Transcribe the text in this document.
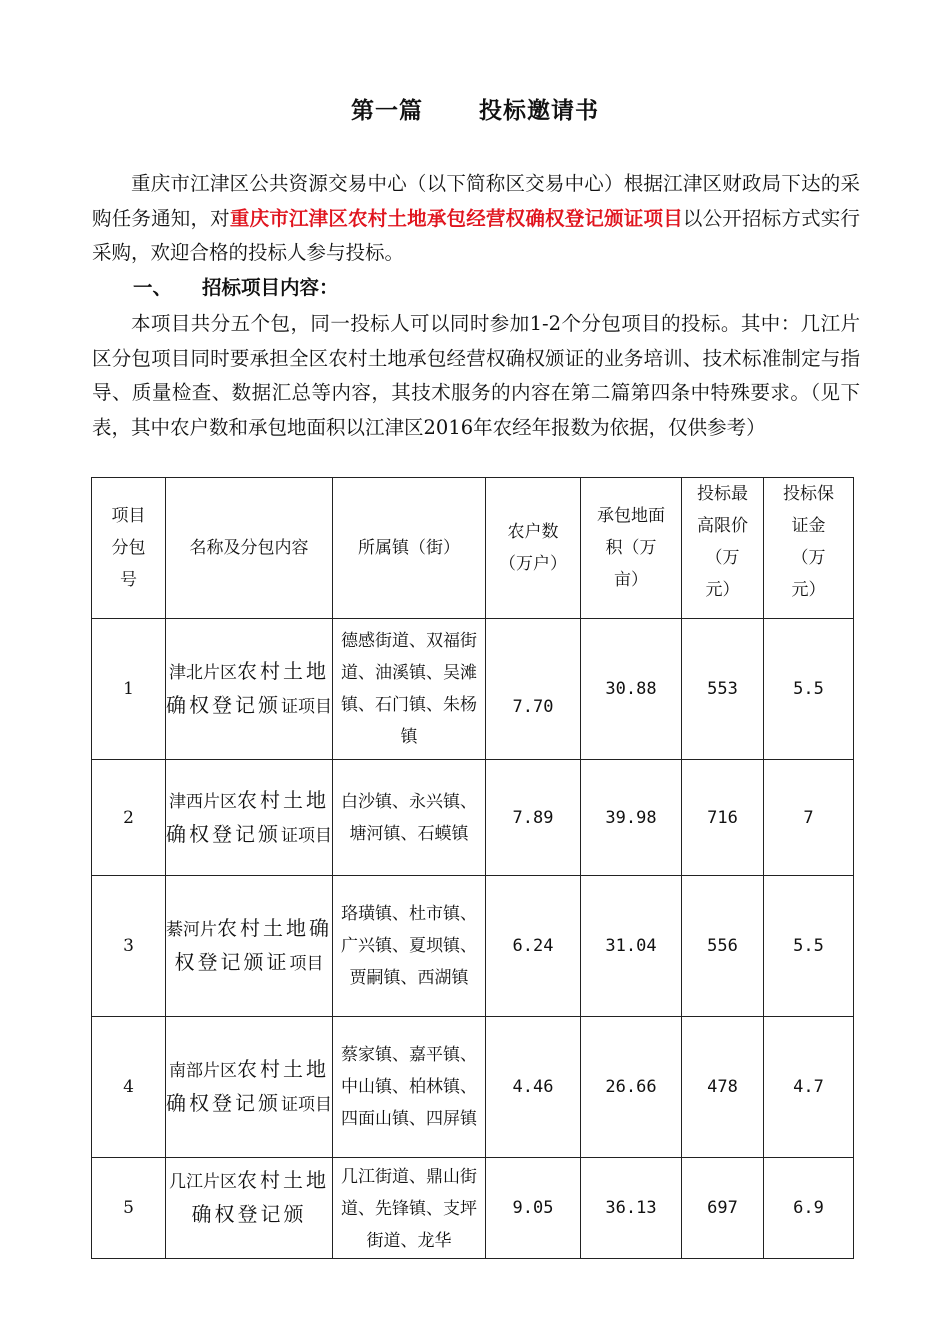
第一篇 投标邀请书

重庆市江津区公共资源交易中心（以下简称区交易中心）根据江津区财政局下达的采购任务通知，对重庆市江津区农村土地承包经营权确权登记颁证项目以公开招标方式实行采购，欢迎合格的投标人参与投标。

一、 招标项目内容：

本项目共分五个包，同一投标人可以同时参加1-2个分包项目的投标。其中：几江片区分包项目同时要承担全区农村土地承包经营权确权颁证的业务培训、技术标准制定与指导、质量检查、数据汇总等内容，其技术服务的内容在第二篇第四条中特殊要求。（见下表，其中农户数和承包地面积以江津区2016年农经年报数为依据，仅供参考）

项目分包号	名称及分包内容	所属镇（街）	农户数（万户）	承包地面积（万亩）	投标最高限价（万元）	投标保证金（万元）

1	津北片区农村土地确权登记颁证项目	德感街道、双福街道、油溪镇、吴滩镇、石门镇、朱杨镇	7.70	30.88	553	5.5
2	津西片区农村土地确权登记颁证项目	白沙镇、永兴镇、塘河镇、石蟆镇	7.89	39.98	716	7
3	綦河片农村土地确权登记颁证项目	珞璜镇、杜市镇、广兴镇、夏坝镇、贾嗣镇、西湖镇	6.24	31.04	556	5.5
4	南部片区农村土地确权登记颁证项目	蔡家镇、嘉平镇、中山镇、柏林镇、四面山镇、四屏镇	4.46	26.66	478	4.7
5	几江片区农村土地确权登记颁	几江街道、鼎山街道、先锋镇、支坪街道、龙华	9.05	36.13	697	6.9
